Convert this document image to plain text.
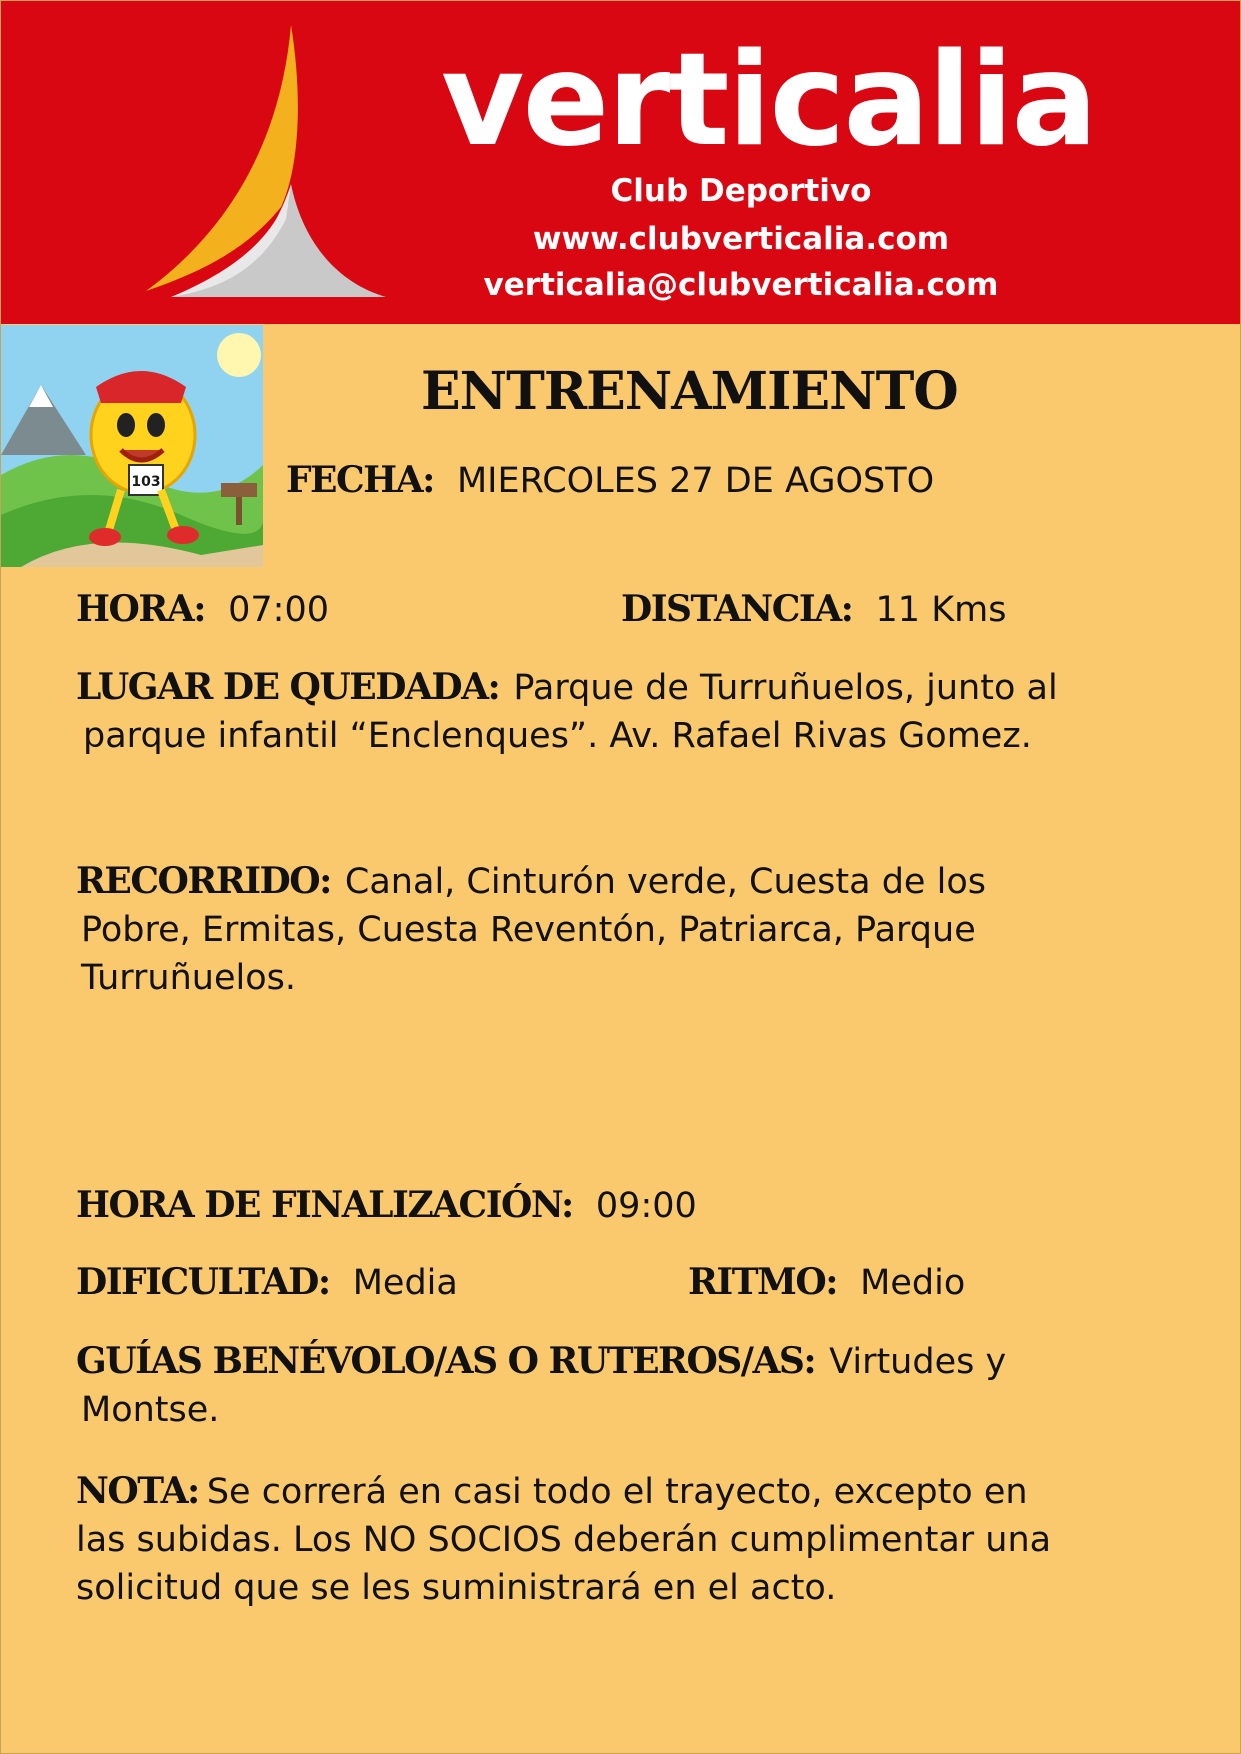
verticalia

Club Deportivo

www.clubverticalia.com

verticalia@clubverticalia.com

103
ENTRENAMIENTO
FECHA: MIERCOLES 27 DE AGOSTO
HORA: 07:00	DISTANCIA: 11 Kms
LUGAR DE QUEDADA: Parque de Turruñuelos, junto al
parque infantil “Enclenques”. Av. Rafael Rivas Gomez.
RECORRIDO: Canal, Cinturón verde, Cuesta de los
Pobre, Ermitas, Cuesta Reventón, Patriarca, Parque
Turruñuelos.
HORA DE FINALIZACIÓN: 09:00
DIFICULTAD: Media	RITMO: Medio
GUÍAS BENÉVOLO/AS O RUTEROS/AS: Virtudes y
Montse.
NOTA: Se correrá en casi todo el trayecto, excepto en
las subidas. Los NO SOCIOS deberán cumplimentar una
solicitud que se les suministrará en el acto.
